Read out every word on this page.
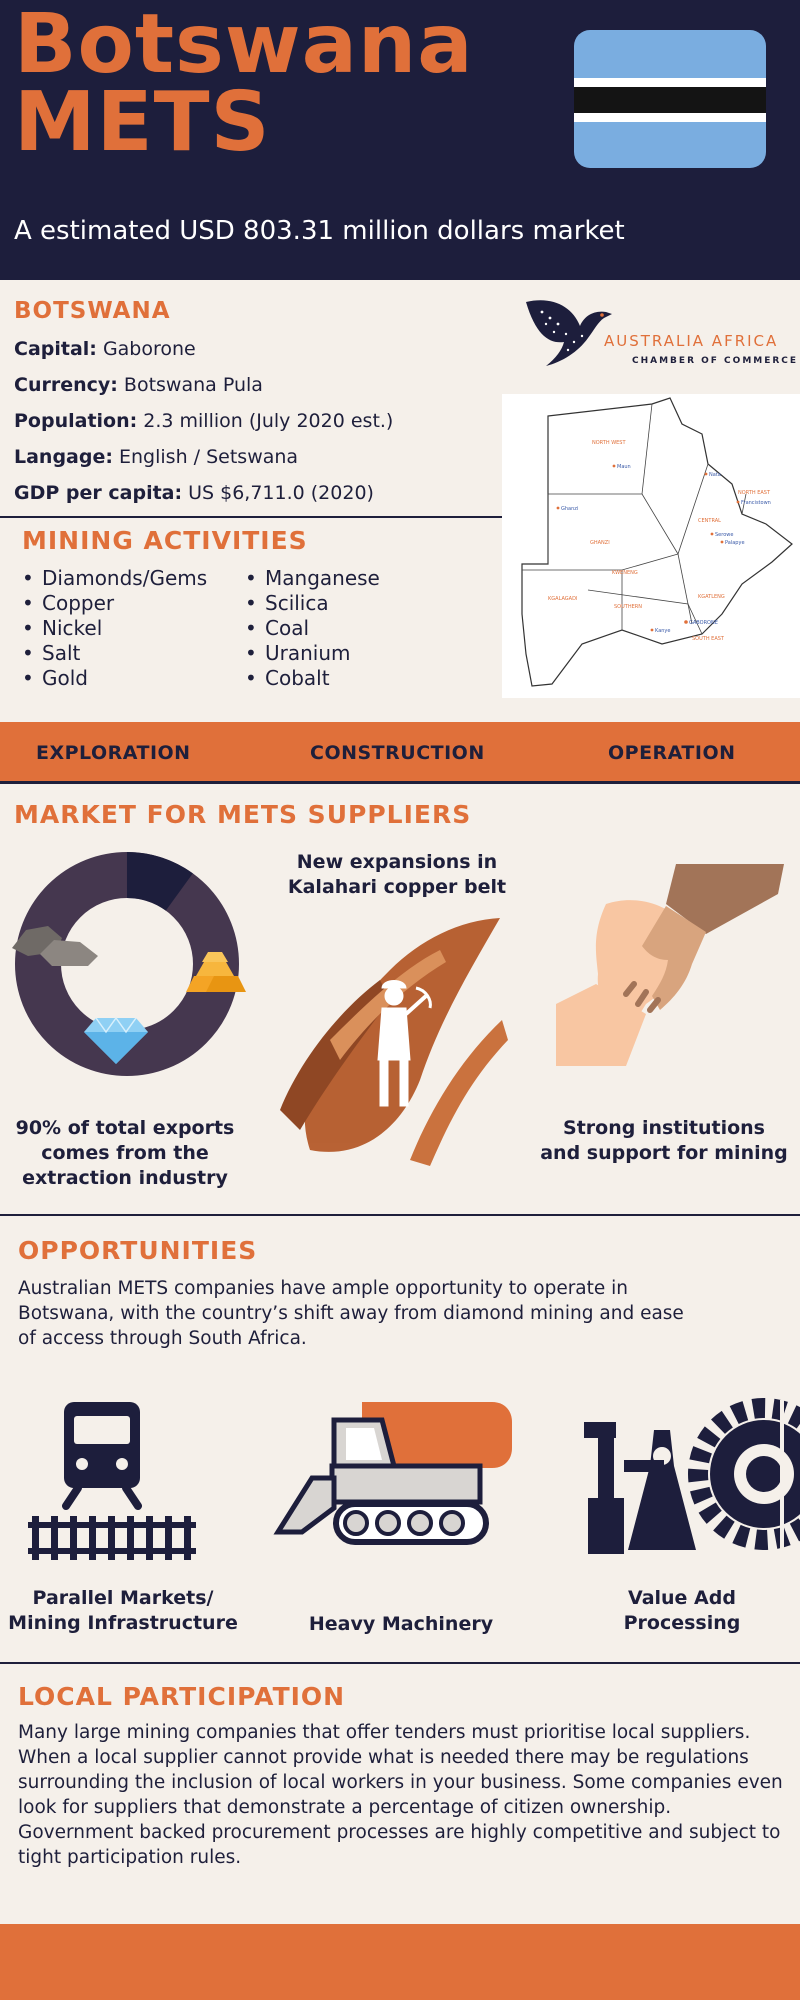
Botswana
METS
A estimated USD 803.31 million dollars market
BOTSWANA
Capital: Gaborone
Currency: Botswana Pula
Population: 2.3 million (July 2020 est.)
Langage: English / Setswana
GDP per capita: US $6,711.0 (2020)
AUSTRALIA AFRICA
CHAMBER OF COMMERCE
NORTH WEST
CENTRAL
GHANZI
KGALAGADI
KWENENG
SOUTHERN
KGATLENG
SOUTH EAST
NORTH EAST
Maun
Nata
Francistown
Ghanzi
Serowe
Palapye
Kanye
GABORONE
MINING ACTIVITIES
• Diamonds/Gems
• Copper
• Nickel
• Salt
• Gold
• Manganese
• Scilica
• Coal
• Uranium
• Cobalt
EXPLORATION	CONSTRUCTION	OPERATION
MARKET FOR METS SUPPLIERS
90% of total exports comes from the extraction industry
New expansions in Kalahari copper belt
Strong institutions and support for mining
OPPORTUNITIES
Australian METS companies have ample opportunity to operate in Botswana, with the country’s shift away from diamond mining and ease of access through South Africa.
Parallel Markets/ Mining Infrastructure	Heavy Machinery
Value Add Processing
LOCAL PARTICIPATION
Many large mining companies that offer tenders must prioritise local suppliers. When a local supplier cannot provide what is needed there may be regulations surrounding the inclusion of local workers in your business. Some companies even look for suppliers that demonstrate a percentage of citizen ownership. Government backed procurement processes are highly competitive and subject to tight participation rules.
